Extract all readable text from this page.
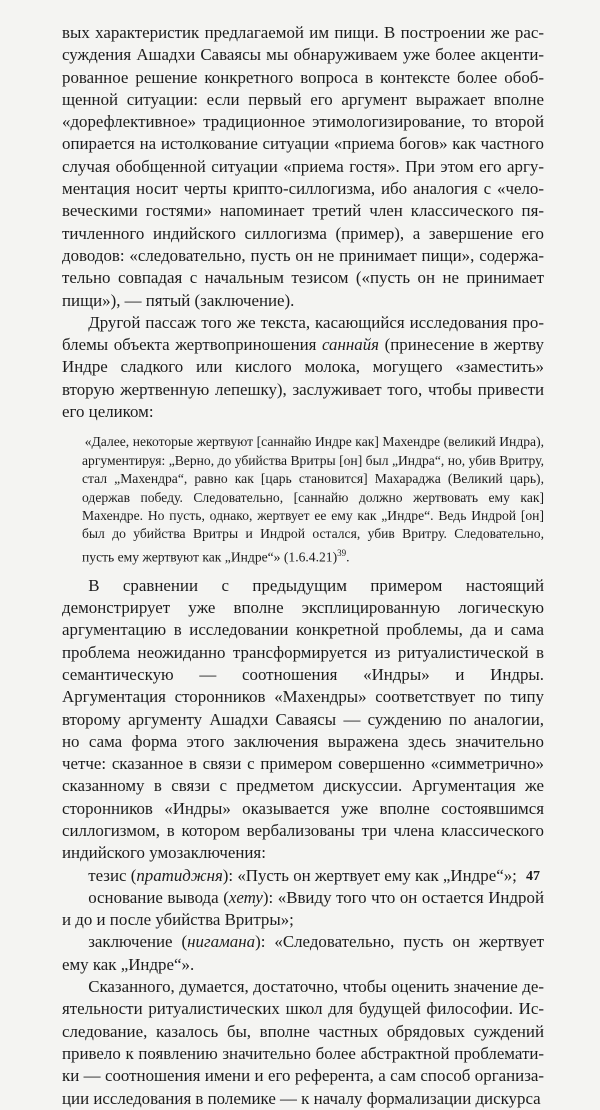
вых характеристик предлагаемой им пищи. В построении же рассуждения Ашадхи Саваясы мы обнаруживаем уже более акцентированное решение конкретного вопроса в контексте более обобщенной ситуации: если первый его аргумент выражает вполне «дорефлективное» традиционное этимологизирование, то второй опирается на истолкование ситуации «приема богов» как частного случая обобщенной ситуации «приема гостя». При этом его аргументация носит черты крипто-силлогизма, ибо аналогия с «человеческими гостями» напоминает третий член классического пятичленного индийского силлогизма (пример), а завершение его доводов: «следовательно, пусть он не принимает пищи», содержательно совпадая с начальным тезисом («пусть он не принимает пищи»), — пятый (заключение).

Другой пассаж того же текста, касающийся исследования проблемы объекта жертвоприношения саннайя (принесение в жертву Индре сладкого или кислого молока, могущего «заместить» вторую жертвенную лепешку), заслуживает того, чтобы привести его целиком:

«Далее, некоторые жертвуют [саннайю Индре как] Махендре (великий Индра), аргументируя: „Верно, до убийства Вритры [он] был „Индра“, но, убив Вритру, стал „Махендра“, равно как [царь становится] Махараджа (Великий царь), одержав победу. Следовательно, [саннайю должно жертвовать ему как] Махендре. Но пусть, однако, жертвует ее ему как „Индре“. Ведь Индрой [он] был до убийства Вритры и Индрой остался, убив Вритру. Следовательно, пусть ему жертвуют как „Индре“» $(1.6.4.21)^{39}$.

В сравнении с предыдущим примером настоящий демонстрирует уже вполне эксплицированную логическую аргументацию в исследовании конкретной проблемы, да и сама проблема неожиданно трансформируется из ритуалистической в семантическую — соотношения «Индры» и Индры. Аргументация сторонников «Махендры» соответствует по типу второму аргументу Ашадхи Саваясы — суждению по аналогии, но сама форма этого заключения выражена здесь значительно четче: сказанное в связи с примером совершенно «симметрично» сказанному в связи с предметом дискуссии. Аргументация же сторонников «Индры» оказывается уже вполне состоявшимся силлогизмом, в котором вербализованы три члена классического индийского умозаключения:

тезис (пратиджня): «Пусть он жертвует ему как „Индре“»;

основание вывода (хету): «Ввиду того что он остается Индрой и до и после убийства Вритры»;

заключение (нигамана): «Следовательно, пусть он жертвует ему как „Индре“».

Сказанного, думается, достаточно, чтобы оценить значение деятельности ритуалистических школ для будущей философии. Исследование, казалось бы, вполне частных обрядовых суждений привело к появлению значительно более абстрактной проблематики — соотношения имени и его референта, а сам способ организации исследования в полемике — к началу формализации дискурса

47
